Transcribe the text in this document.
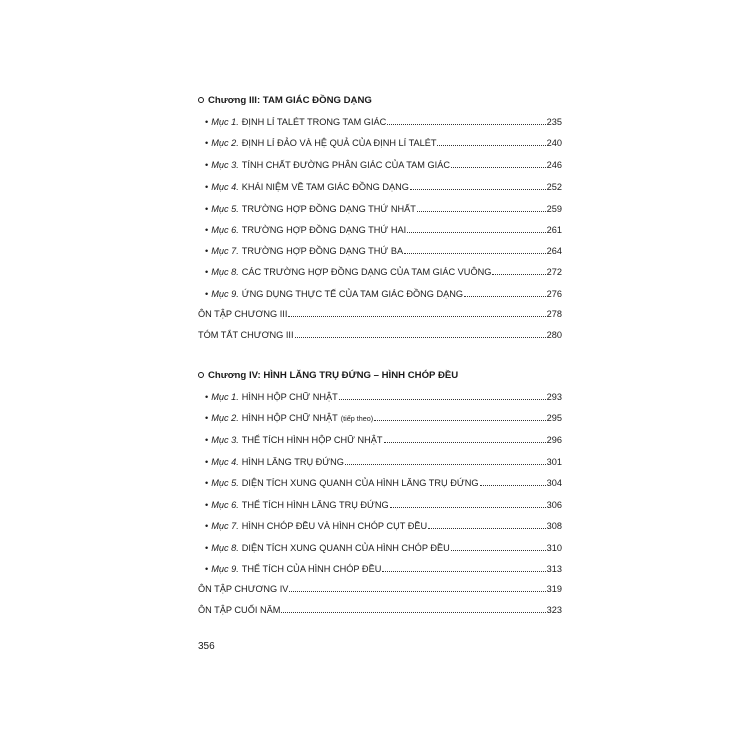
Chương III: TAM GIÁC ĐỒNG DẠNG
• Mục 1. ĐỊNH LÍ TALÉT TRONG TAM GIÁC	235
• Mục 2. ĐỊNH LÍ ĐẢO VÀ HỆ QUẢ CỦA ĐỊNH LÍ TALÉT	240
• Mục 3. TÍNH CHẤT ĐƯỜNG PHÂN GIÁC CỦA TAM GIÁC	246
• Mục 4. KHÁI NIỆM VỀ TAM GIÁC ĐỒNG DẠNG	252
• Mục 5. TRƯỜNG HỢP ĐỒNG DẠNG THỨ NHẤT	259
• Mục 6. TRƯỜNG HỢP ĐỒNG DẠNG THỨ HAI	261
• Mục 7. TRƯỜNG HỢP ĐỒNG DẠNG THỨ BA	264
• Mục 8. CÁC TRƯỜNG HỢP ĐỒNG DẠNG CỦA TAM GIÁC VUÔNG	272
• Mục 9. ỨNG DỤNG THỰC TẾ CỦA TAM GIÁC ĐỒNG DẠNG	276
ÔN TẬP CHƯƠNG III	278
TÓM TẮT CHƯƠNG III	280
Chương IV: HÌNH LĂNG TRỤ ĐỨNG – HÌNH CHÓP ĐỀU
• Mục 1. HÌNH HỘP CHỮ NHẬT	293
• Mục 2. HÌNH HỘP CHỮ NHẬT (tiếp theo)	295
• Mục 3. THỂ TÍCH HÌNH HỘP CHỮ NHẬT	296
• Mục 4. HÌNH LĂNG TRỤ ĐỨNG	301
• Mục 5. DIỆN TÍCH XUNG QUANH CỦA HÌNH LĂNG TRỤ ĐỨNG	304
• Mục 6. THỂ TÍCH HÌNH LĂNG TRỤ ĐỨNG	306
• Mục 7. HÌNH CHÓP ĐỀU VÀ HÌNH CHÓP CỤT ĐỀU	308
• Mục 8. DIỆN TÍCH XUNG QUANH CỦA HÌNH CHÓP ĐỀU	310
• Mục 9. THỂ TÍCH CỦA HÌNH CHÓP ĐỀU	313
ÔN TẬP CHƯƠNG IV	319
ÔN TẬP CUỐI NĂM	323
356
